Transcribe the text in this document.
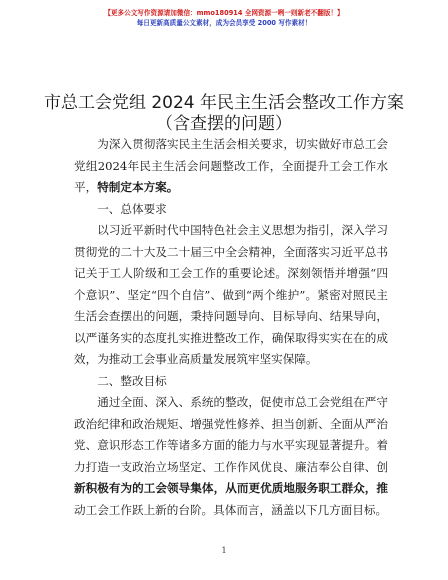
【更多公文写作资源请加微信：mmo180914 全网资源一咧一则新老不翻版！】
每日更新高质量公文素材，成为会员享受 2000 写作素材！
市总工会党组 2024 年民主生活会整改工作方案
（含查摆的问题）

为深入贯彻落实民主生活会相关要求，切实做好市总工会党组2024年民主生活会问题整改工作，全面提升工会工作水平，特制定本方案。

一、总体要求

以习近平新时代中国特色社会主义思想为指引，深入学习贯彻党的二十大及二十届三中全会精神，全面落实习近平总书记关于工人阶级和工会工作的重要论述。深刻领悟并增强“四个意识”、坚定“四个自信”、做到“两个维护”。紧密对照民主生活会查摆出的问题，秉持问题导向、目标导向、结果导向，以严谨务实的态度扎实推进整改工作，确保取得实实在在的成效，为推动工会事业高质量发展筑牢坚实保障。

二、整改目标

通过全面、深入、系统的整改，促使市总工会党组在严守政治纪律和政治规矩、增强党性修养、担当创新、全面从严治党、意识形态工作等诸多方面的能力与水平实现显著提升。着力打造一支政治立场坚定、工作作风优良、廉洁奉公自律、创新积极有为的工会领导集体，从而更优质地服务职工群众，推动工会工作跃上新的台阶。具体而言，涵盖以下几方面目标。

1
